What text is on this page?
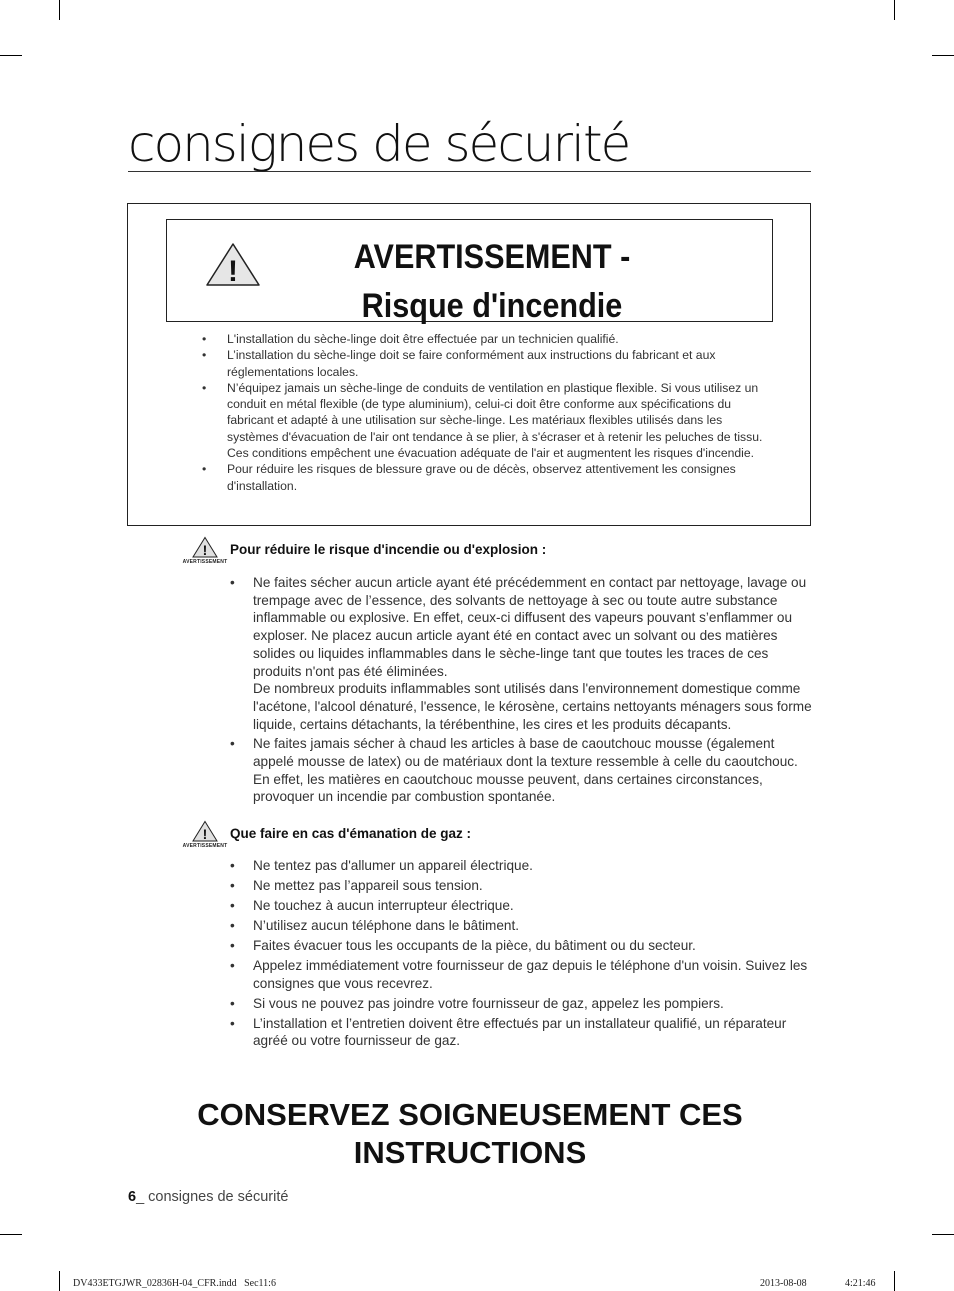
consignes de sécurité
!	AVERTISSEMENT - Risque d'incendie
• L'installation du sèche-linge doit être effectuée par un technicien qualifié.
• L’installation du sèche-linge doit se faire conformément aux instructions du fabricant et aux réglementations locales.
• N’équipez jamais un sèche-linge de conduits de ventilation en plastique flexible. Si vous utilisez un conduit en métal flexible (de type aluminium), celui-ci doit être conforme aux spécifications du fabricant et adapté à une utilisation sur sèche-linge. Les matériaux flexibles utilisés dans les systèmes d'évacuation de l'air ont tendance à se plier, à s'écraser et à retenir les peluches de tissu. Ces conditions empêchent une évacuation adéquate de l'air et augmentent les risques d'incendie.
• Pour réduire les risques de blessure grave ou de décès, observez attentivement les consignes d'installation.
!
AVERTISSEMENT
Pour réduire le risque d'incendie ou d'explosion :
• Ne faites sécher aucun article ayant été précédemment en contact par nettoyage, lavage ou trempage avec de l’essence, des solvants de nettoyage à sec ou toute autre substance inflammable ou explosive. En effet, ceux-ci diffusent des vapeurs pouvant s’enflammer ou exploser. Ne placez aucun article ayant été en contact avec un solvant ou des matières solides ou liquides inflammables dans le sèche-linge tant que toutes les traces de ces produits n'ont pas été éliminées.
De nombreux produits inflammables sont utilisés dans l'environnement domestique comme l'acétone, l'alcool dénaturé, l'essence, le kérosène, certains nettoyants ménagers sous forme liquide, certains détachants, la térébenthine, les cires et les produits décapants.
• Ne faites jamais sécher à chaud les articles à base de caoutchouc mousse (également appelé mousse de latex) ou de matériaux dont la texture ressemble à celle du caoutchouc. En effet, les matières en caoutchouc mousse peuvent, dans certaines circonstances, provoquer un incendie par combustion spontanée.
!
AVERTISSEMENT
Que faire en cas d'émanation de gaz :
• Ne tentez pas d'allumer un appareil électrique.
• Ne mettez pas l’appareil sous tension.
• Ne touchez à aucun interrupteur électrique.
• N’utilisez aucun téléphone dans le bâtiment.
• Faites évacuer tous les occupants de la pièce, du bâtiment ou du secteur.
• Appelez immédiatement votre fournisseur de gaz depuis le téléphone d'un voisin. Suivez les consignes que vous recevrez.
• Si vous ne pouvez pas joindre votre fournisseur de gaz, appelez les pompiers.
• L’installation et l’entretien doivent être effectués par un installateur qualifié, un réparateur agréé ou votre fournisseur de gaz.
CONSERVEZ SOIGNEUSEMENT CES INSTRUCTIONS
6_ consignes de sécurité
DV433ETGJWR_02836H-04_CFR.indd   Sec11:6	2013-08-08	4:21:46
